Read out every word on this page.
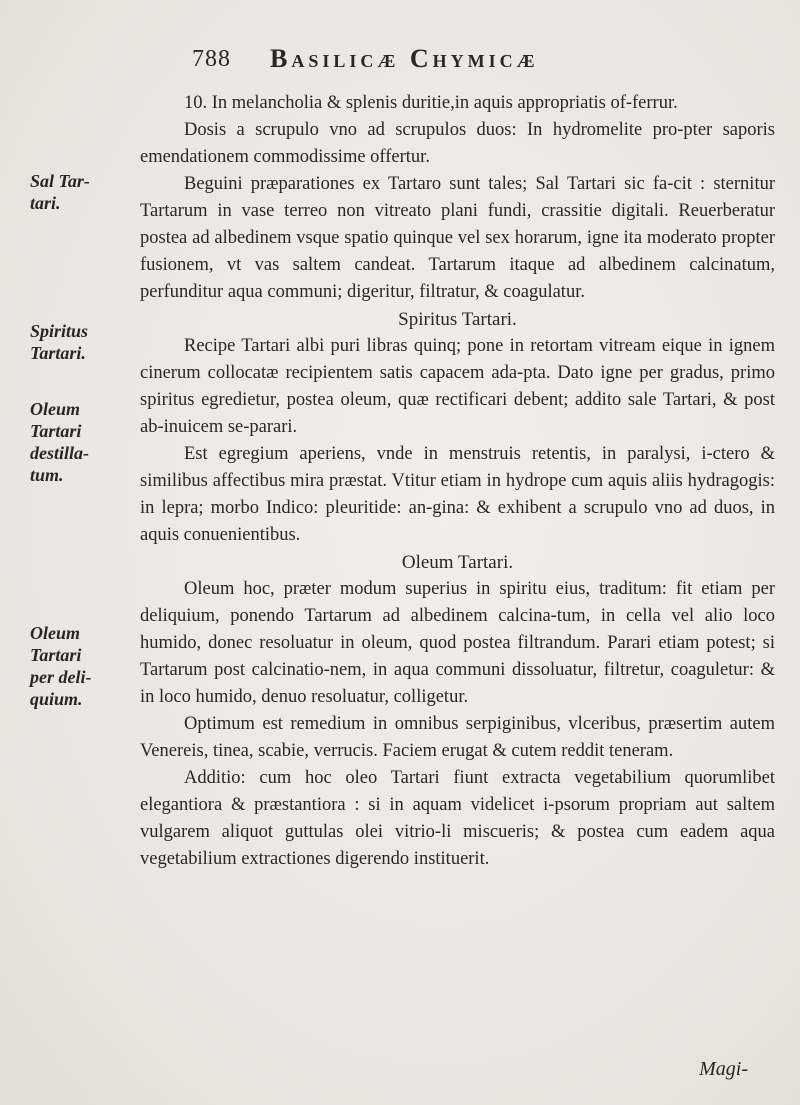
788 Basilicæ Chymicæ
Sal Tar-
tari.
Spiritus
Tartari.
Oleum
Tartari
destilla-
tum.
Oleum
Tartari
per deli-
quium.

10. In melancholia & splenis duritie,in aquis appropriatis of-ferrur.

Dosis a scrupulo vno ad scrupulos duos: In hydromelite pro-pter saporis emendationem commodissime offertur.

Beguini præparationes ex Tartaro sunt tales; Sal Tartari sic fa-cit : sternitur Tartarum in vase terreo non vitreato plani fundi, crassitie digitali. Reuerberatur postea ad albedinem vsque spatio quinque vel sex horarum, igne ita moderato propter fusionem, vt vas saltem candeat. Tartarum itaque ad albedinem calcinatum, perfunditur aqua communi; digeritur, filtratur, & coagulatur.

Spiritus Tartari.

Recipe Tartari albi puri libras quinq; pone in retortam vitream eique in ignem cinerum collocatæ recipientem satis capacem ada-pta. Dato igne per gradus, primo spiritus egredietur, postea oleum, quæ rectificari debent; addito sale Tartari, & post ab-inuicem se-parari.

Est egregium aperiens, vnde in menstruis retentis, in paralysi, i-ctero & similibus affectibus mira præstat. Vtitur etiam in hydrope cum aquis aliis hydragogis: in lepra; morbo Indico: pleuritide: an-gina: & exhibent a scrupulo vno ad duos, in aquis conuenientibus.

Oleum Tartari.

Oleum hoc, præter modum superius in spiritu eius, traditum: fit etiam per deliquium, ponendo Tartarum ad albedinem calcina-tum, in cella vel alio loco humido, donec resoluatur in oleum, quod postea filtrandum. Parari etiam potest; si Tartarum post calcinatio-nem, in aqua communi dissoluatur, filtretur, coaguletur: & in loco humido, denuo resoluatur, colligetur.

Optimum est remedium in omnibus serpiginibus, vlceribus, præsertim autem Venereis, tinea, scabie, verrucis. Faciem erugat & cutem reddit teneram.

Additio: cum hoc oleo Tartari fiunt extracta vegetabilium quorumlibet elegantiora & præstantiora : si in aquam videlicet i-psorum propriam aut saltem vulgarem aliquot guttulas olei vitrio-li miscueris; & postea cum eadem aqua vegetabilium extractiones digerendo instituerit.

Magi-
